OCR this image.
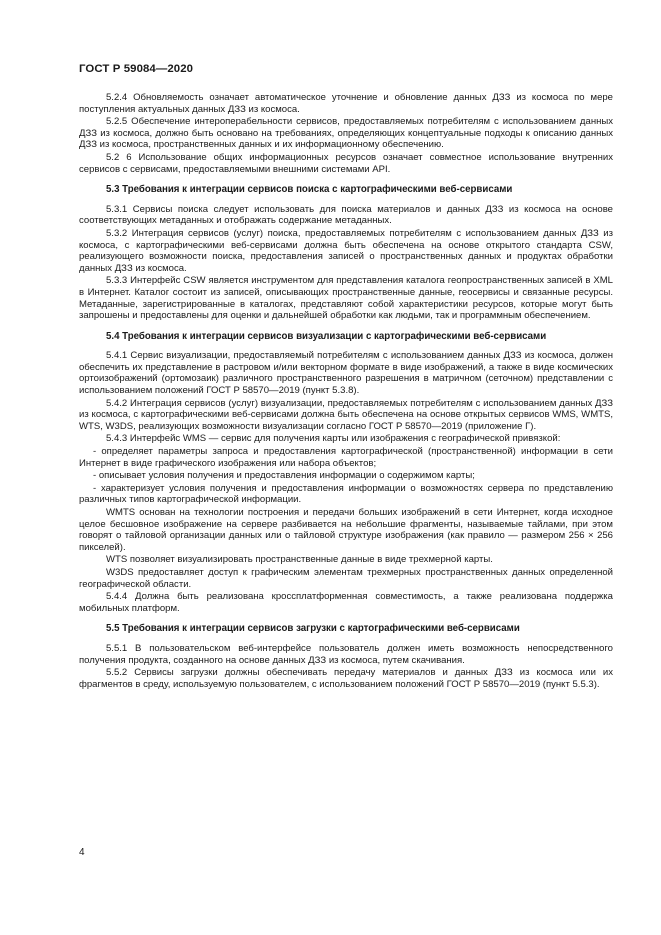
ГОСТ Р 59084—2020
5.2.4 Обновляемость означает автоматическое уточнение и обновление данных ДЗЗ из космоса по мере поступления актуальных данных ДЗЗ из космоса.
5.2.5 Обеспечение интероперабельности сервисов, предоставляемых потребителям с использованием данных ДЗЗ из космоса, должно быть основано на требованиях, определяющих концептуальные подходы к описанию данных ДЗЗ из космоса, пространственных данных и их информационному обеспечению.
5.2 6 Использование общих информационных ресурсов означает совместное использование внутренних сервисов с сервисами, предоставляемыми внешними системами API.
5.3 Требования к интеграции сервисов поиска с картографическими веб-сервисами
5.3.1 Сервисы поиска следует использовать для поиска материалов и данных ДЗЗ из космоса на основе соответствующих метаданных и отображать содержание метаданных.
5.3.2 Интеграция сервисов (услуг) поиска, предоставляемых потребителям с использованием данных ДЗЗ из космоса, с картографическими веб-сервисами должна быть обеспечена на основе открытого стандарта CSW, реализующего возможности поиска, предоставления записей о пространственных данных и продуктах обработки данных ДЗЗ из космоса.
5.3.3 Интерфейс CSW является инструментом для представления каталога геопространственных записей в XML в Интернет. Каталог состоит из записей, описывающих пространственные данные, геосервисы и связанные ресурсы. Метаданные, зарегистрированные в каталогах, представляют собой характеристики ресурсов, которые могут быть запрошены и предоставлены для оценки и дальнейшей обработки как людьми, так и программным обеспечением.
5.4 Требования к интеграции сервисов визуализации с картографическими веб-сервисами
5.4.1 Сервис визуализации, предоставляемый потребителям с использованием данных ДЗЗ из космоса, должен обеспечить их представление в растровом и/или векторном формате в виде изображений, а также в виде космических ортоизображений (ортомозаик) различного пространственного разрешения в матричном (сеточном) представлении с использованием положений ГОСТ Р 58570—2019 (пункт 5.3.8).
5.4.2 Интеграция сервисов (услуг) визуализации, предоставляемых потребителям с использованием данных ДЗЗ из космоса, с картографическими веб-сервисами должна быть обеспечена на основе открытых сервисов WMS, WMTS, WTS, W3DS, реализующих возможности визуализации согласно ГОСТ Р 58570—2019 (приложение Г).
5.4.3 Интерфейс WMS — сервис для получения карты или изображения с географической привязкой:
- определяет параметры запроса и предоставления картографической (пространственной) информации в сети Интернет в виде графического изображения или набора объектов;
- описывает условия получения и предоставления информации о содержимом карты;
- характеризует условия получения и предоставления информации о возможностях сервера по представлению различных типов картографической информации.
WMTS основан на технологии построения и передачи больших изображений в сети Интернет, когда исходное целое бесшовное изображение на сервере разбивается на небольшие фрагменты, называемые тайлами, при этом говорят о тайловой организации данных или о тайловой структуре изображения (как правило — размером 256 × 256 пикселей).
WTS позволяет визуализировать пространственные данные в виде трехмерной карты.
W3DS предоставляет доступ к графическим элементам трехмерных пространственных данных определенной географической области.
5.4.4 Должна быть реализована кроссплатформенная совместимость, а также реализована поддержка мобильных платформ.
5.5 Требования к интеграции сервисов загрузки с картографическими веб-сервисами
5.5.1 В пользовательском веб-интерфейсе пользователь должен иметь возможность непосредственного получения продукта, созданного на основе данных ДЗЗ из космоса, путем скачивания.
5.5.2 Сервисы загрузки должны обеспечивать передачу материалов и данных ДЗЗ из космоса или их фрагментов в среду, используемую пользователем, с использованием положений ГОСТ Р 58570—2019 (пункт 5.5.3).
4
